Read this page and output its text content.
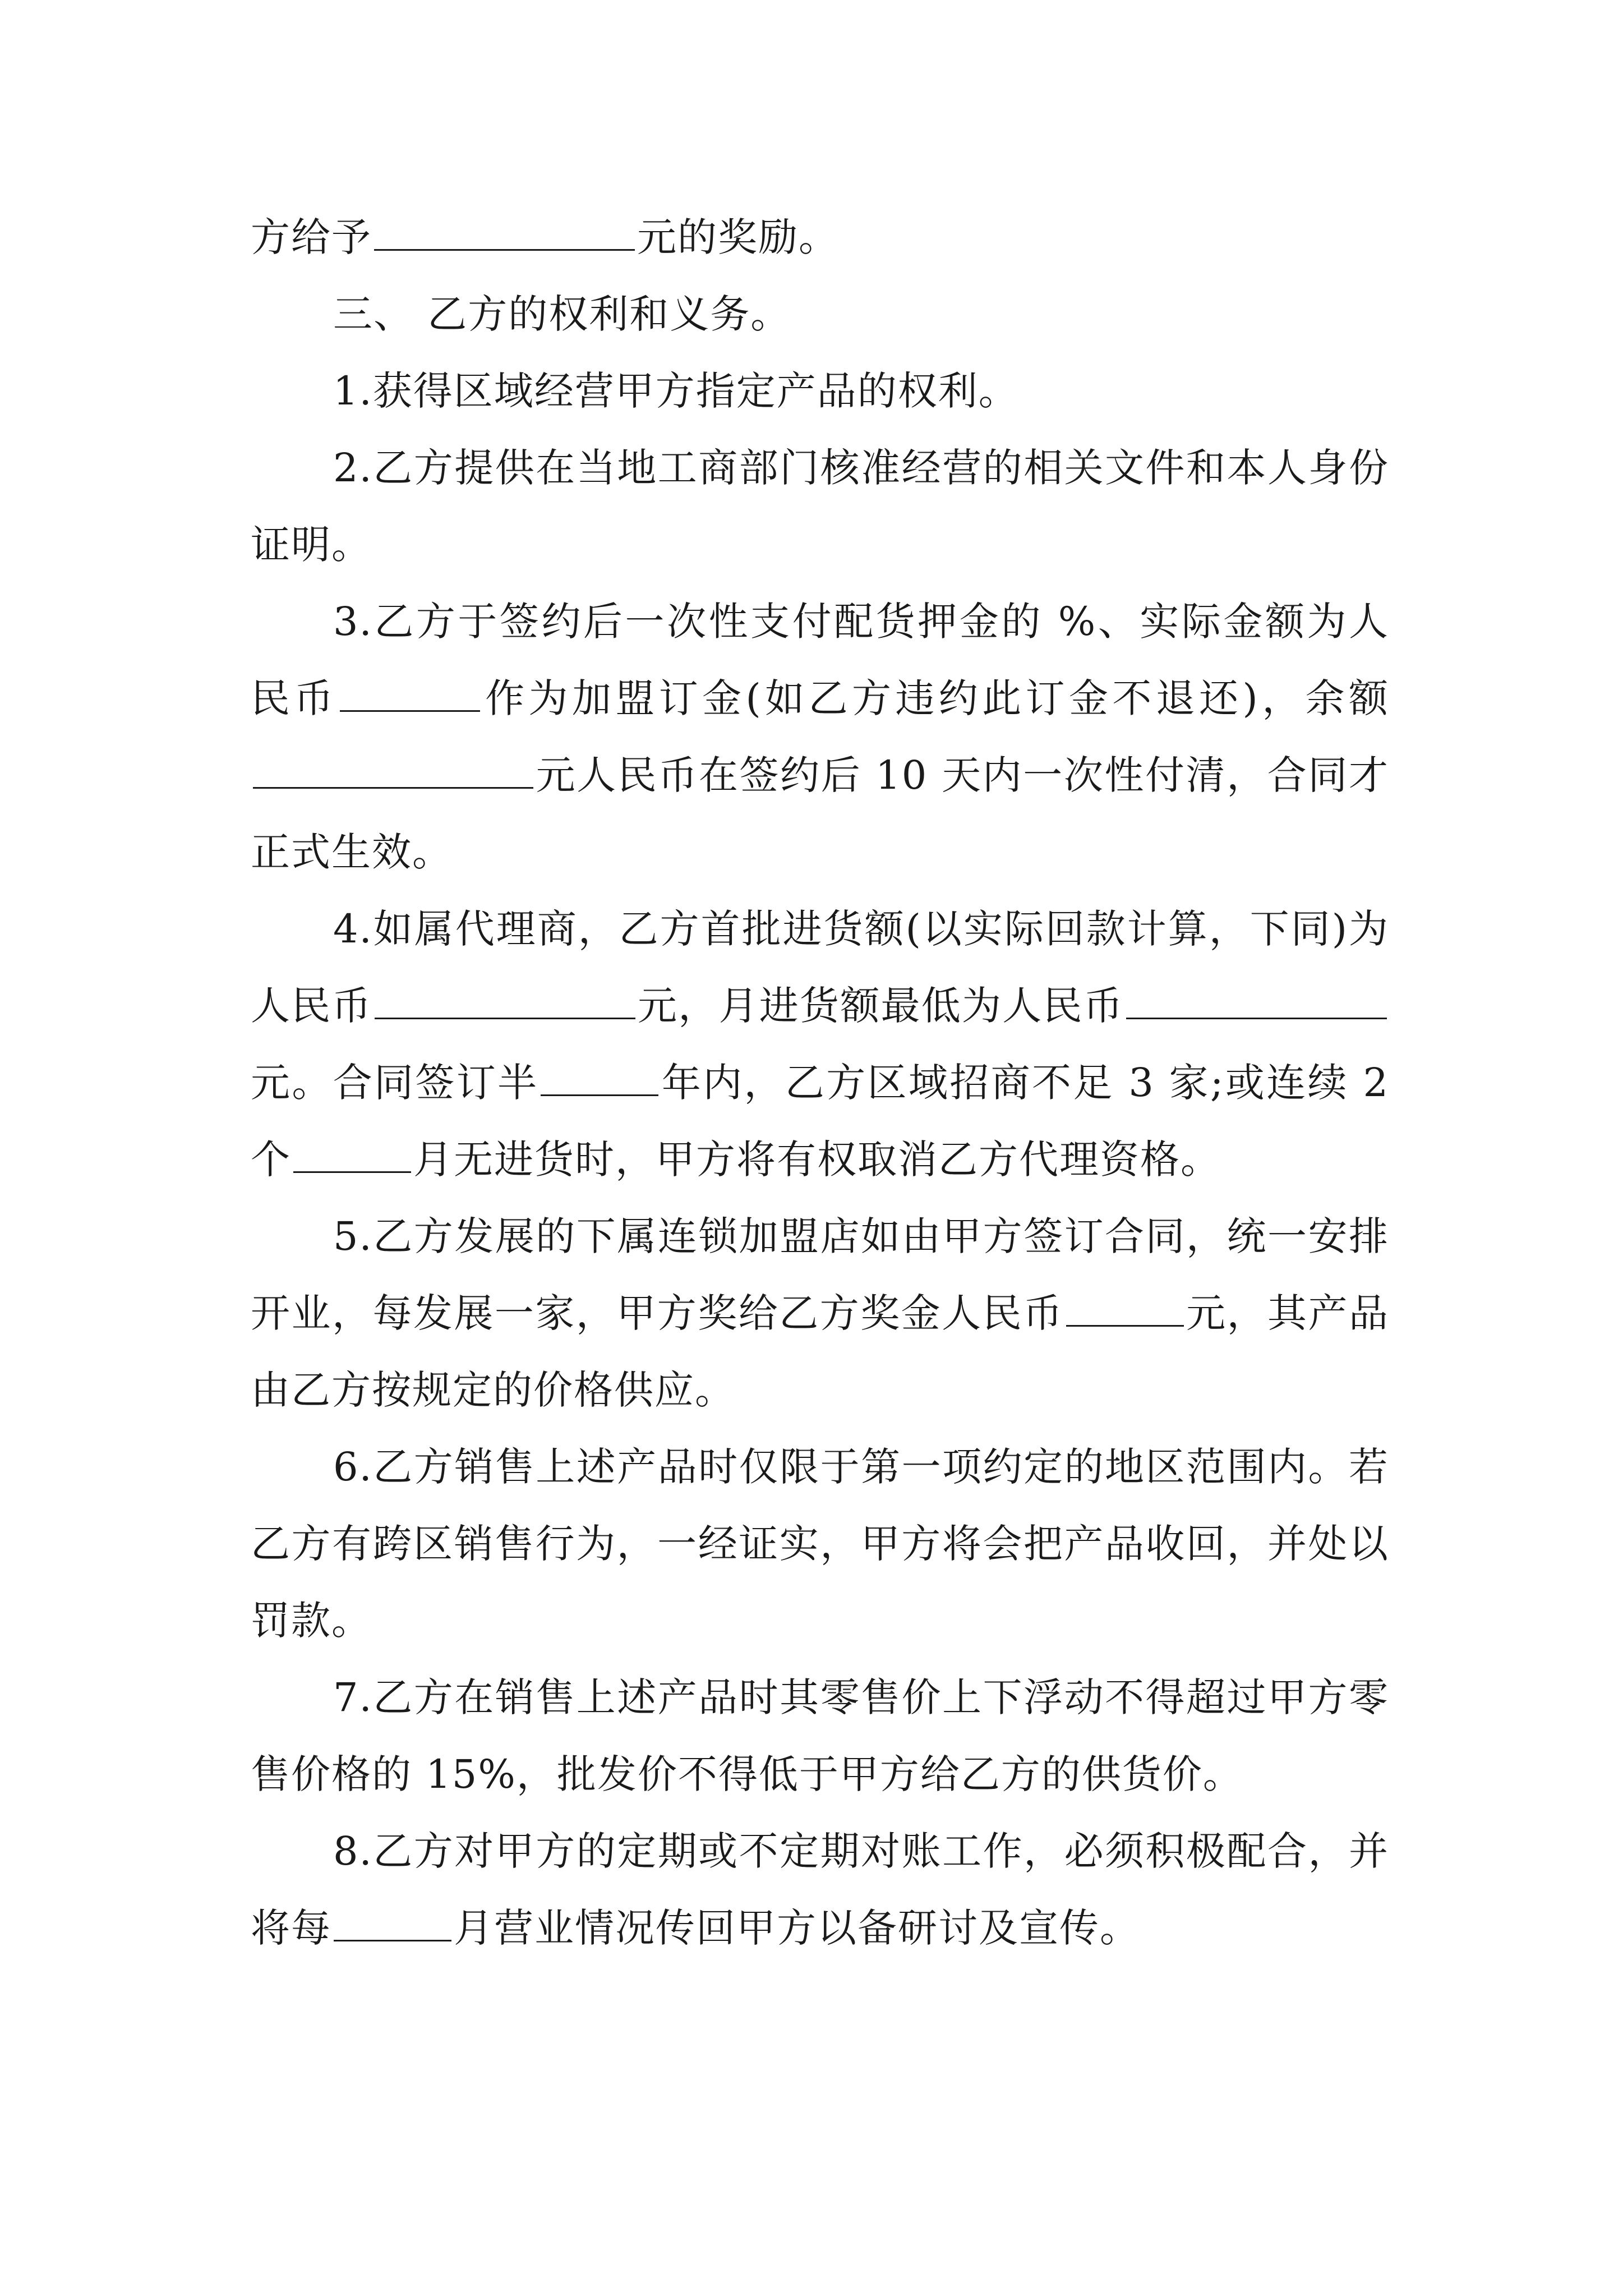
方给予	元的奖励。

三、 乙方的权利和义务。

1.获得区域经营甲方指定产品的权利。

2.乙方提供在当地工商部门核准经营的相关文件和本人身份证明。

3.乙方于签约后一次性支付配货押金的 %、实际金额为人民币	作为加盟订金(如乙方违约此订金不退还)，余额元人民币在签约后 10 天内一次性付清，合同才正式生效。

4.如属代理商，乙方首批进货额(以实际回款计算，下同)为人民币	元，月进货额最低为人民币元。合同签订半	年内，乙方区域招商不足 3 家;或连续 2 个	月无进货时，甲方将有权取消乙方代理资格。

5.乙方发展的下属连锁加盟店如由甲方签订合同，统一安排开业，每发展一家，甲方奖给乙方奖金人民币	元，其产品由乙方按规定的价格供应。

6.乙方销售上述产品时仅限于第一项约定的地区范围内。若乙方有跨区销售行为，一经证实，甲方将会把产品收回，并处以罚款。

7.乙方在销售上述产品时其零售价上下浮动不得超过甲方零售价格的 15%，批发价不得低于甲方给乙方的供货价。

8.乙方对甲方的定期或不定期对账工作，必须积极配合，并将每	月营业情况传回甲方以备研讨及宣传。
